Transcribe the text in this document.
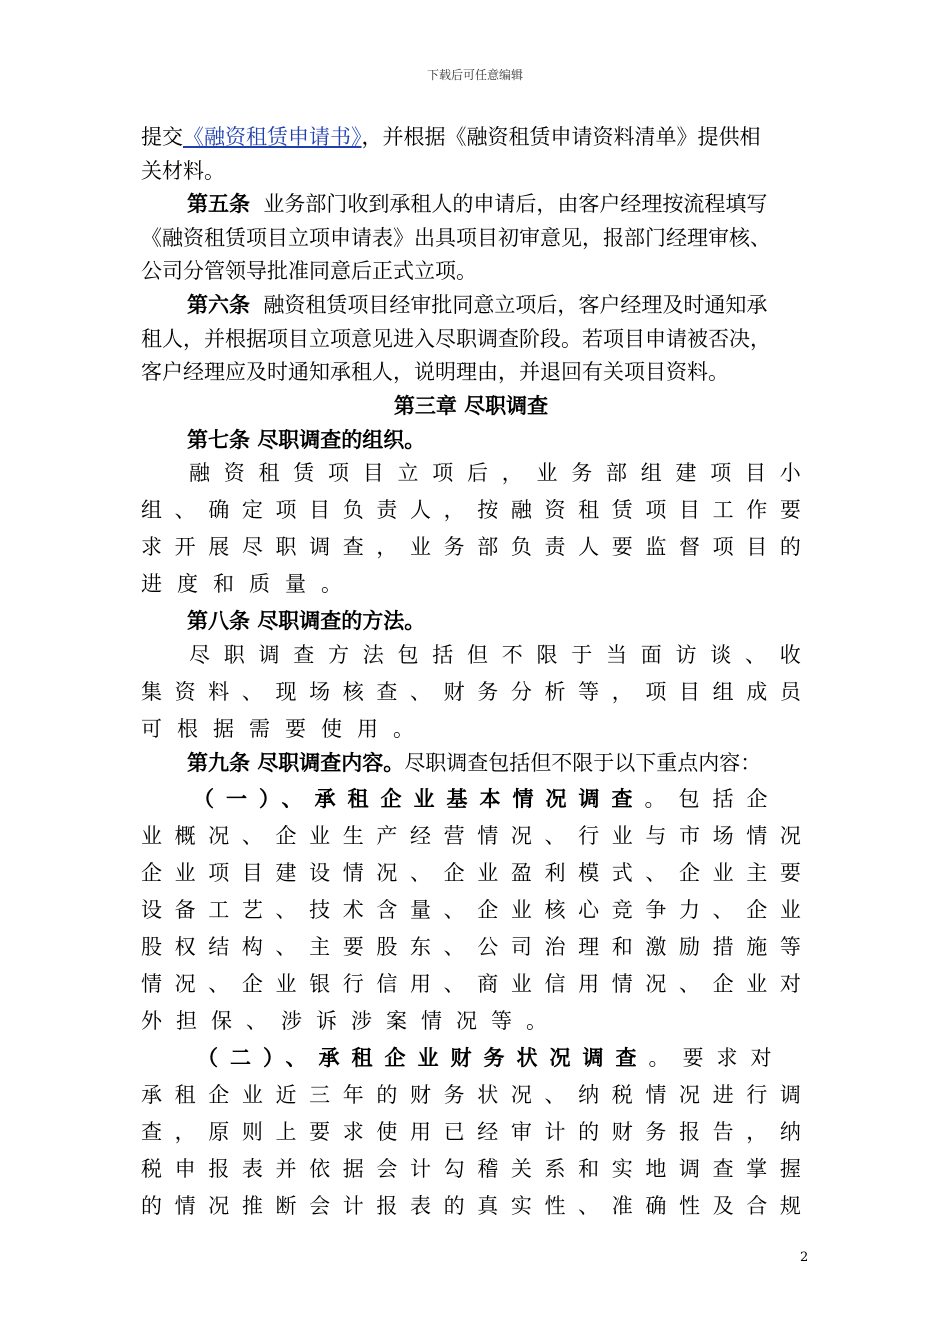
下载后可任意编辑
提交《融资租赁申请书》，并根据《融资租赁申请资料清单》提供相
关材料。
第五条 业务部门收到承租人的申请后，由客户经理按流程填写
《融资租赁项目立项申请表》出具项目初审意见，报部门经理审核、
公司分管领导批准同意后正式立项。
第六条 融资租赁项目经审批同意立项后，客户经理及时通知承
租人，并根据项目立项意见进入尽职调查阶段。若项目申请被否决，
客户经理应及时通知承租人，说明理由，并退回有关项目资料。
第三章 尽职调查
第七条 尽职调查的组织。
融 资 租 赁 项 目 立 项 后 ， 业 务 部 组 建 项 目 小
组 、 确 定 项 目 负 责 人 ， 按 融 资 租 赁 项 目 工 作 要
求 开 展 尽 职 调 查 ， 业 务 部 负 责 人 要 监 督 项 目 的
进度和质量。
第八条 尽职调查的方法。
尽 职 调 查 方 法 包 括 但 不 限 于 当 面 访 谈 、 收
集 资 料 、 现 场 核 查 、 财 务 分 析 等 ， 项 目 组 成 员
可根据需要使用。
第九条 尽职调查内容。尽职调查包括但不限于以下重点内容：
（一）、承租企业基本情况调查。包括企
业 概 况 、 企 业 生 产 经 营 情 况 、 行 业 与 市 场 情 况
企 业 项 目 建 设 情 况 、 企 业 盈 利 模 式 、 企 业 主 要
设 备 工 艺 、 技 术 含 量 、 企 业 核 心 竞 争 力 、 企 业
股 权 结 构 、 主 要 股 东 、 公 司 治 理 和 激 励 措 施 等
情 况 、 企 业 银 行 信 用 、 商 业 信 用 情 况 、 企 业 对
外担保、涉诉涉案情况等。
（二）、承租企业财务状况调查。要求对
承 租 企 业 近 三 年 的 财 务 状 况 、 纳 税 情 况 进 行 调
查 ， 原 则 上 要 求 使 用 已 经 审 计 的 财 务 报 告 ， 纳
税 申 报 表 并 依 据 会 计 勾 稽 关 系 和 实 地 调 查 掌 握
的 情 况 推 断 会 计 报 表 的 真 实 性 、 准 确 性 及 合 规
2
